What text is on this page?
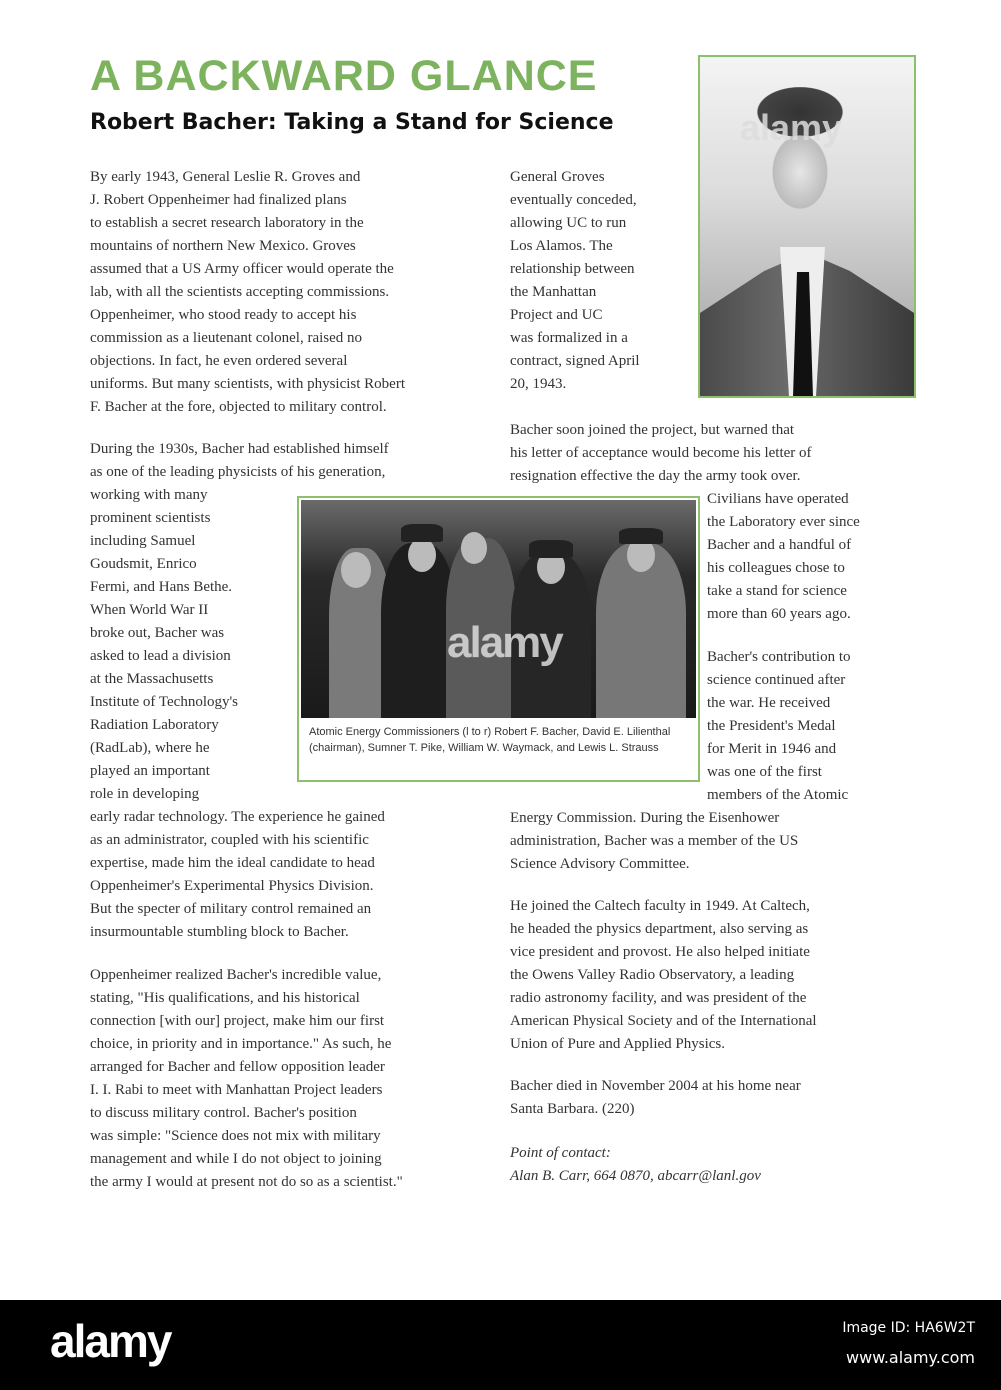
A BACKWARD GLANCE
Robert Bacher: Taking a Stand for Science	alamy
alamy
Atomic Energy Commissioners (l to r) Robert F. Bacher, David E. Lilienthal (chairman), Sumner T. Pike, William W. Waymack, and Lewis L. Strauss
By early 1943, General Leslie R. Groves and
J. Robert Oppenheimer had finalized plans
to establish a secret research laboratory in the
mountains of northern New Mexico. Groves
assumed that a US Army officer would operate the
lab, with all the scientists accepting commissions.
Oppenheimer, who stood ready to accept his
commission as a lieutenant colonel, raised no
objections. In fact, he even ordered several
uniforms. But many scientists, with physicist Robert
F. Bacher at the fore, objected to military control.
During the 1930s, Bacher had established himself
as one of the leading physicists of his generation,
working with many
prominent scientists
including Samuel
Goudsmit, Enrico
Fermi, and Hans Bethe.
When World War II
broke out, Bacher was
asked to lead a division
at the Massachusetts
Institute of Technology's
Radiation Laboratory
(RadLab), where he
played an important
role in developing
early radar technology. The experience he gained
as an administrator, coupled with his scientific
expertise, made him the ideal candidate to head
Oppenheimer's Experimental Physics Division.
But the specter of military control remained an
insurmountable stumbling block to Bacher.
Oppenheimer realized Bacher's incredible value,
stating, "His qualifications, and his historical
connection [with our] project, make him our first
choice, in priority and in importance." As such, he
arranged for Bacher and fellow opposition leader
I. I. Rabi to meet with Manhattan Project leaders
to discuss military control. Bacher's position
was simple: "Science does not mix with military
management and while I do not object to joining
the army I would at present not do so as a scientist."
General Groves
eventually conceded,
allowing UC to run
Los Alamos. The
relationship between
the Manhattan
Project and UC
was formalized in a
contract, signed April
20, 1943.
Bacher soon joined the project, but warned that
his letter of acceptance would become his letter of
resignation effective the day the army took over.
Civilians have operated
the Laboratory ever since
Bacher and a handful of
his colleagues chose to
take a stand for science
more than 60 years ago.
Bacher's contribution to
science continued after
the war. He received
the President's Medal
for Merit in 1946 and
was one of the first
members of the Atomic
Energy Commission. During the Eisenhower
administration, Bacher was a member of the US
Science Advisory Committee.
He joined the Caltech faculty in 1949. At Caltech,
he headed the physics department, also serving as
vice president and provost. He also helped initiate
the Owens Valley Radio Observatory, a leading
radio astronomy facility, and was president of the
American Physical Society and of the International
Union of Pure and Applied Physics.
Bacher died in November 2004 at his home near
Santa Barbara. (220)
Point of contact:
Alan B. Carr, 664 0870, abcarr@lanl.gov
alamy	Image ID: HA6W2T
www.alamy.com
